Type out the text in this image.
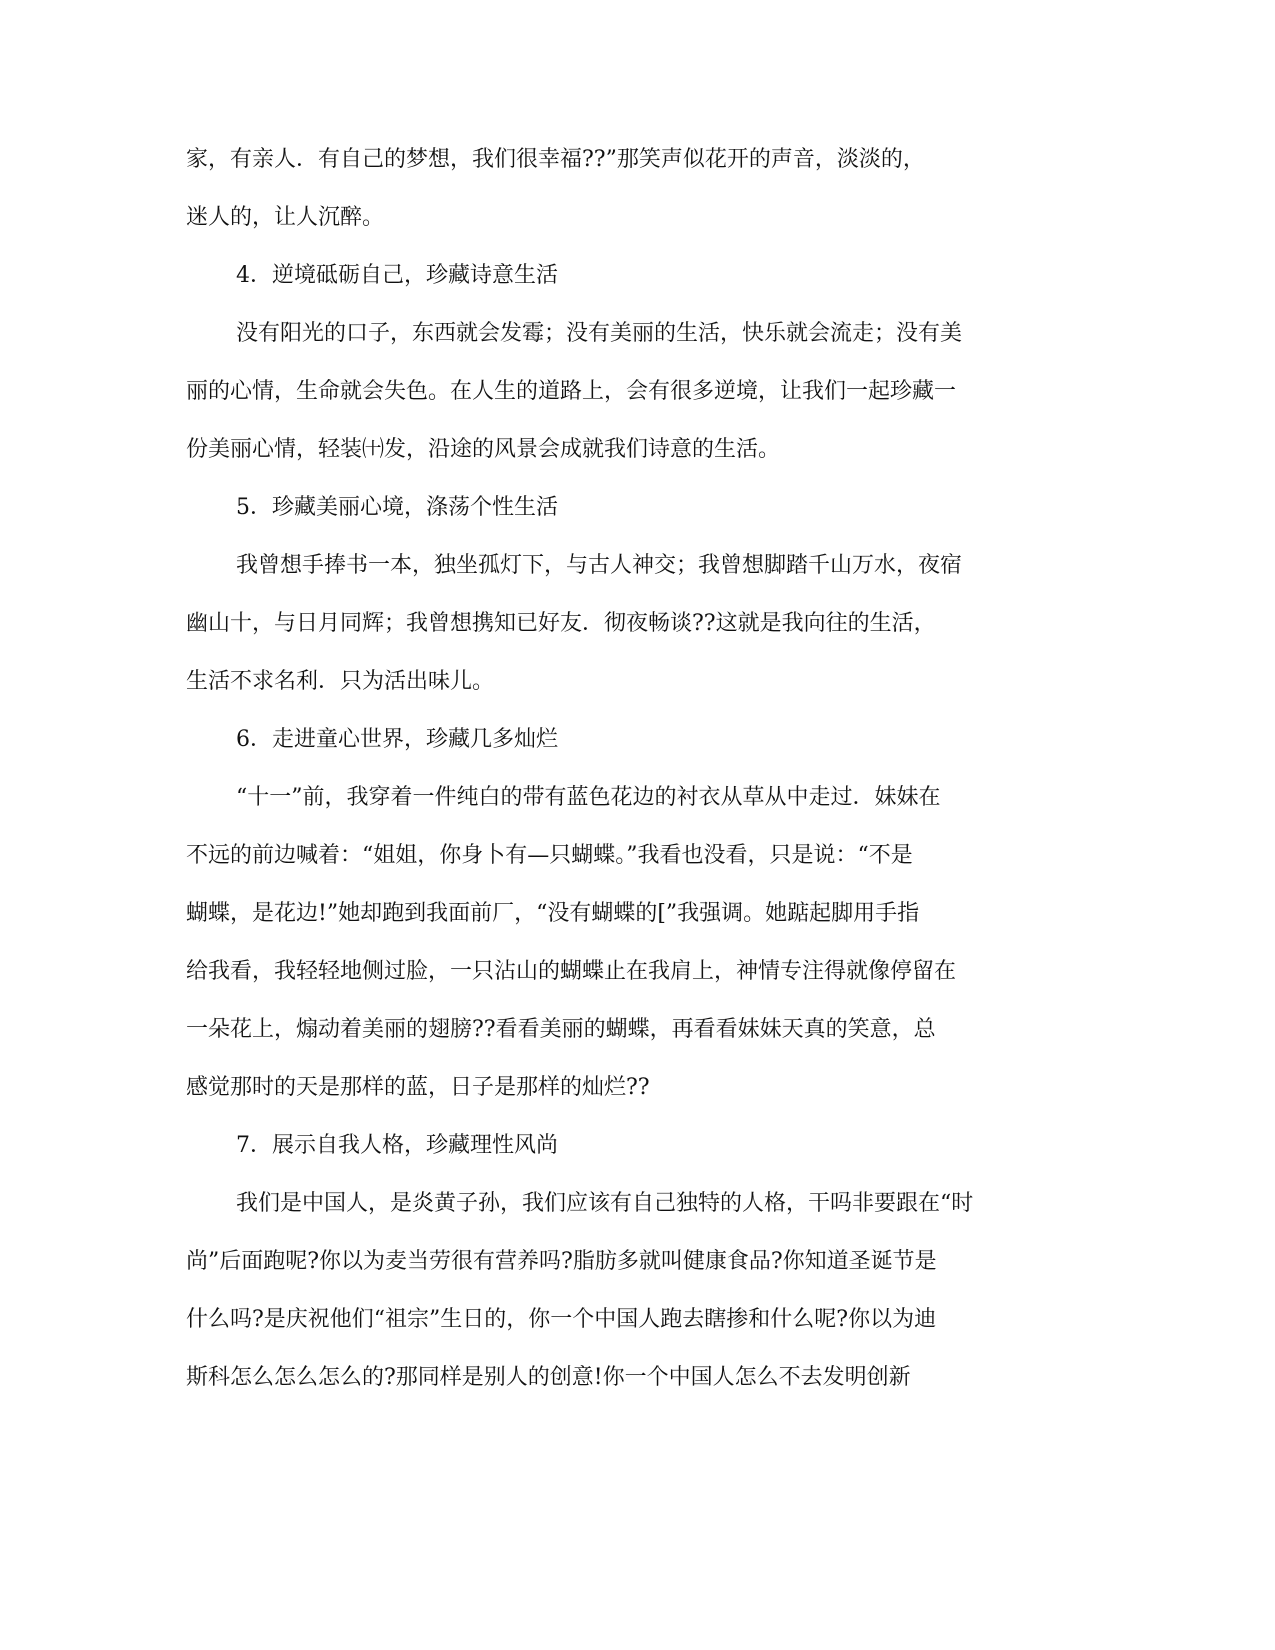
家，有亲人．有自己的梦想，我们很幸福??”那笑声似花开的声音，淡淡的，
迷人的，让人沉醉。
4．逆境砥砺自己，珍藏诗意生活
没有阳光的口子，东西就会发霉；没有美丽的生活，快乐就会流走；没有美
丽的心情，生命就会失色。在人生的道路上，会有很多逆境，让我们一起珍藏一
份美丽心情，轻装㈩发，沿途的风景会成就我们诗意的生活。
5．珍藏美丽心境，涤荡个性生活
我曾想手捧书一本，独坐孤灯下，与古人神交；我曾想脚踏千山万水，夜宿
幽山十，与日月同辉；我曾想携知已好友．彻夜畅谈??这就是我向往的生活，
生活不求名利．只为活出味儿。
6．走进童心世界，珍藏几多灿烂
“十一”前，我穿着一件纯白的带有蓝色花边的衬衣从草从中走过．妹妹在
不远的前边喊着：“姐姐，你身卜有—只蝴蝶。”我看也没看，只是说：“不是
蝴蝶，是花边!”她却跑到我面前厂，“没有蝴蝶的[”我强调。她踮起脚用手指
给我看，我轻轻地侧过脸，一只沾山的蝴蝶止在我肩上，神情专注得就像停留在
一朵花上，煽动着美丽的翅膀??看看美丽的蝴蝶，再看看妹妹天真的笑意，总
感觉那时的天是那样的蓝，日子是那样的灿烂??
7．展示自我人格，珍藏理性风尚
我们是中国人，是炎黄子孙，我们应该有自己独特的人格，干吗非要跟在“时
尚”后面跑呢?你以为麦当劳很有营养吗?脂肪多就叫健康食品?你知道圣诞节是
什么吗?是庆祝他们“祖宗”生日的，你一个中国人跑去瞎掺和什么呢?你以为迪
斯科怎么怎么怎么的?那同样是别人的创意!你一个中国人怎么不去发明创新
